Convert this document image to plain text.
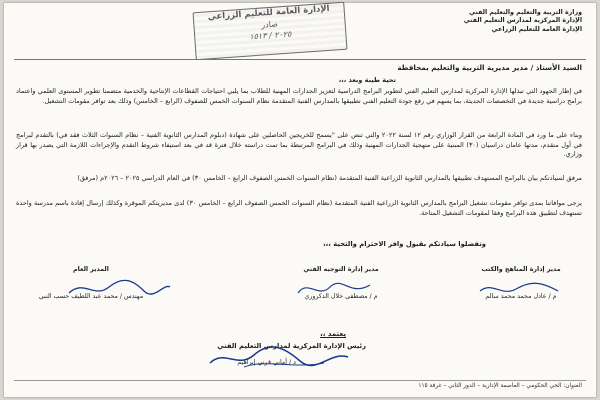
وزارة التربية والتعليم والتعليم الفني
الإدارة المركزية لمدارس التعليم الفني
الإدارة العامة للتعليم الزراعي
الإدارة العامة للتعليم الزراعي
صادر
٢٠٢٥ / ١٥١٣
السيد الأستاذ / مدير مديرية التربية والتعليم بمحافظة
تحية طيبة وبعد ،،،
في إطار الجهود التي تبذلها الإدارة المركزية لمدارس التعليم الفني لتطوير البرامج الدراسية لتعزيز الجدارات المهنية للطلاب بما يلبي احتياجات القطاعات الإنتاجية والخدمية متضمنا تطوير المستوى العلمي واعتماد برامج دراسية جديدة في التخصصات الحديثة، بما يسهم في رفع جودة التعليم الفني تطبيقها بالمدارس الفنية المتقدمة نظام السنوات الخمس للصفوف (الرابع – الخامس) وذلك بعد توافر مقومات التشغيل.
وبناء على ما ورد في المادة الرابعة من القرار الوزاري رقم ١٢ لسنة ٢٠٢٢ والتي تنص على "يسمح للخريجين الحاصلين على شهادة (دبلوم المدارس الثانوية الفنية – نظام السنوات الثلاث فقد في) بالتقدم لبرامج في أول متقدم، مدتها عامان دراسيان (٣٠) المبنية على منهجية الجدارات المهنية وذلك في البرامج المرتبطة بما تمت دراسته خلال فترة قد في بعد استيفاء شروط التقدم والإجراءات اللازمة التي يصدر بها قرار وزاري.
مرفق لسيادتكم بيان بالبرامج المستهدف تطبيقها بالمدارس الثانوية الزراعية الفنية المتقدمة (نظام السنوات الخمس الصفوف الرابع – الخامس ٣٠) في العام الدراسي ٢٠٢٥ – ٢٠٢٦م (مرفق)
يرجى موافاتنا بمدى توافر مقومات تشغيل البرامج بالمدارس الثانوية الزراعية الفنية المتقدمة (نظام السنوات الخمس الصفوف الرابع – الخامس ٣٠) لدى مديريتكم الموقرة وكذلك إرسال إفادة باسم مدرسة واحدة تستهدف لتطبيق هذه البرامج وفقا لمقومات التشغيل المتاحة.
وتفضلوا سيادتكم بقبول وافر الاحترام والتحية ،،،
مدير إدارة المناهج والكتب
م / عادل محمد محمد سالم
مدير إدارة التوجيه الفني
م / مصطفى خلال الدكروري
المدير العام
مهندس / محمد عبد اللطيف حسب النبي
يعتمد ،،
رئيس الإدارة المركزية لمدارس التعليم الفني
د / أماني قرني إبراهيم
العنوان: الحي الحكومي – العاصمة الإدارية – الدور الثاني – غرفة ١١٥
